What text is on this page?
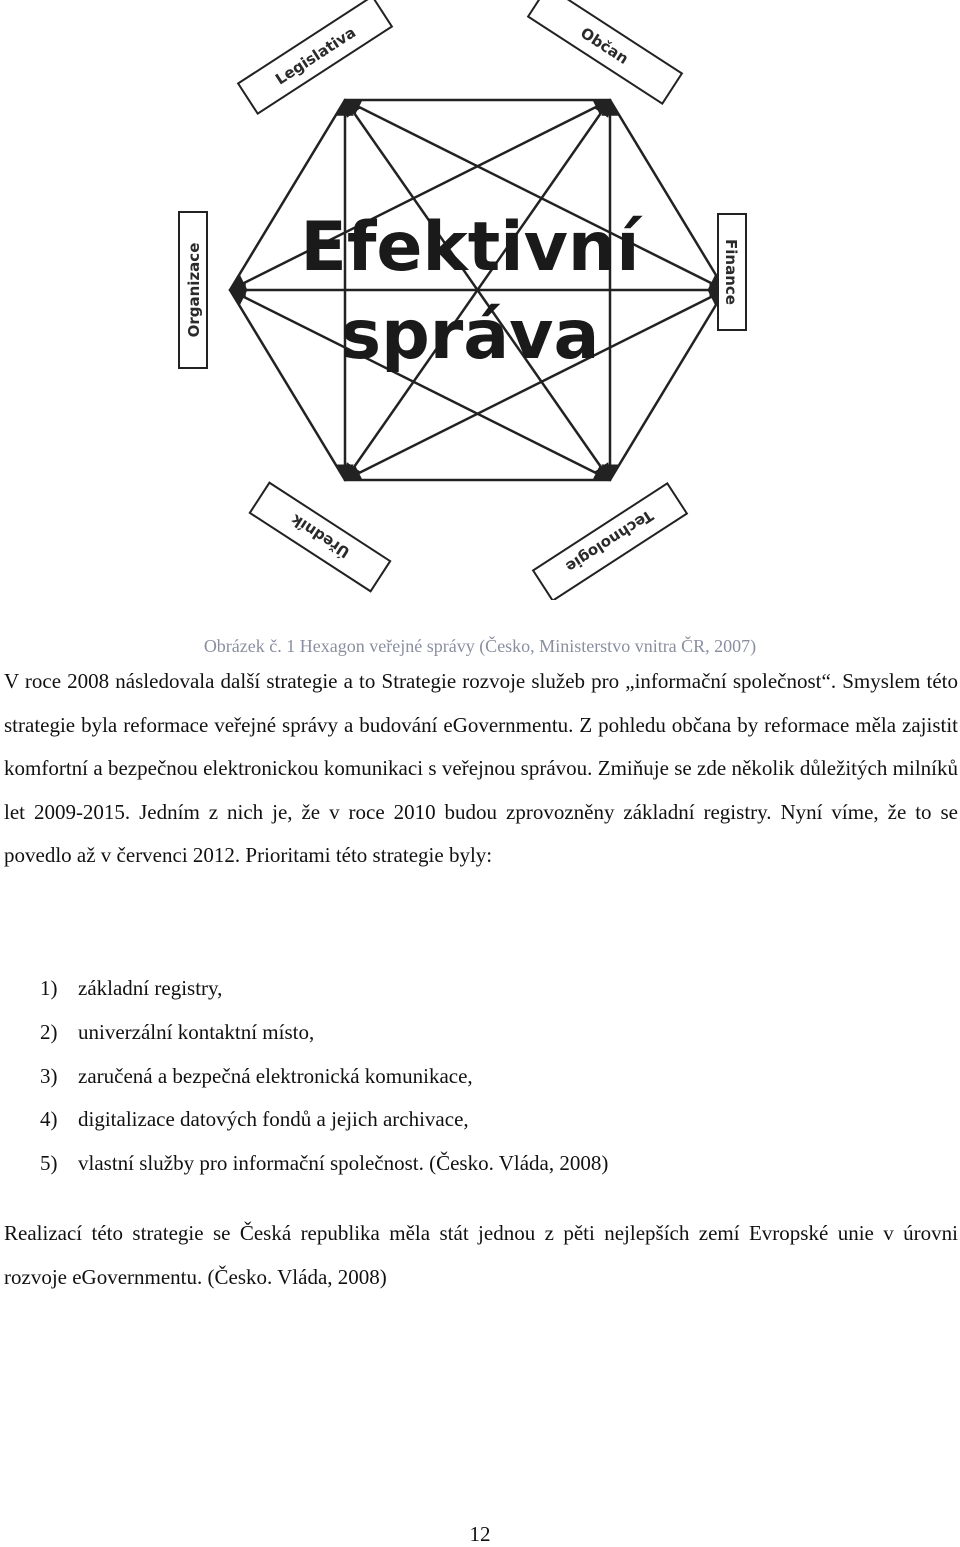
Legislativa	Občan
Organizace	Finance
Úředník	Technologie
Efektivní
správa
Obrázek č. 1 Hexagon veřejné správy (Česko, Ministerstvo vnitra ČR, 2007)

V roce 2008 následovala další strategie a to Strategie rozvoje služeb pro „informační společnost“. Smyslem této strategie byla reformace veřejné správy a budování eGovernmentu. Z pohledu občana by reformace měla zajistit komfortní a bezpečnou elektronickou komunikaci s veřejnou správou. Zmiňuje se zde několik důležitých milníků let 2009-2015. Jedním z nich je, že v roce 2010 budou zprovozněny základní registry. Nyní víme, že to se povedlo až v červenci 2012. Prioritami této strategie byly:

1) základní registry,
2) univerzální kontaktní místo,
3) zaručená a bezpečná elektronická komunikace,
4) digitalizace datových fondů a jejich archivace,
5) vlastní služby pro informační společnost. (Česko. Vláda, 2008)

Realizací této strategie se Česká republika měla stát jednou z pěti nejlepších zemí Evropské unie v úrovni rozvoje eGovernmentu. (Česko. Vláda, 2008)

12
